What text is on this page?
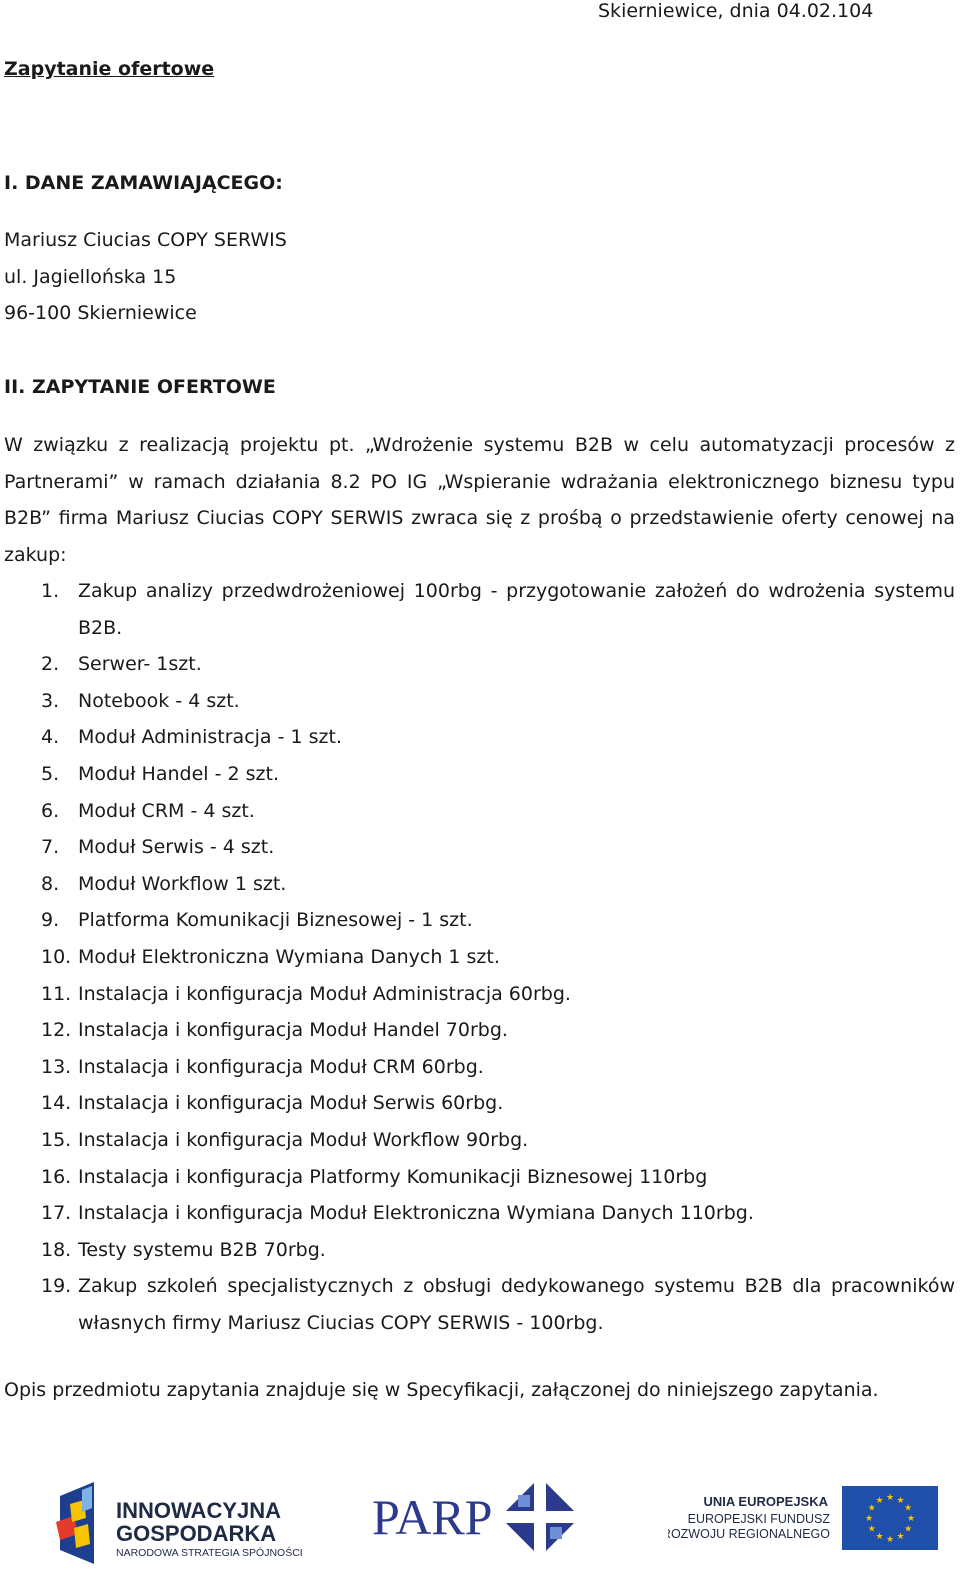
Skierniewice, dnia 04.02.104
Zapytanie ofertowe
I. DANE ZAMAWIAJĄCEGO:
Mariusz Ciucias COPY SERWIS
ul. Jagiellońska 15
96-100 Skierniewice
II. ZAPYTANIE OFERTOWE
W związku z realizacją projektu pt. „Wdrożenie systemu B2B w celu automatyzacji procesów z Partnerami” w ramach działania 8.2 PO IG „Wspieranie wdrażania elektronicznego biznesu typu B2B” firma Mariusz Ciucias COPY SERWIS zwraca się z prośbą o przedstawienie oferty cenowej na zakup:
1. Zakup analizy przedwdrożeniowej 100rbg - przygotowanie założeń do wdrożenia systemu B2B.
2. Serwer- 1szt.
3. Notebook - 4 szt.
4. Moduł Administracja - 1 szt.
5. Moduł Handel - 2 szt.
6. Moduł CRM - 4 szt.
7. Moduł Serwis - 4 szt.
8. Moduł Workflow 1 szt.
9. Platforma Komunikacji Biznesowej - 1 szt.
10. Moduł Elektroniczna Wymiana Danych 1 szt.
11. Instalacja i konfiguracja Moduł Administracja 60rbg.
12. Instalacja i konfiguracja Moduł Handel 70rbg.
13. Instalacja i konfiguracja Moduł CRM 60rbg.
14. Instalacja i konfiguracja Moduł Serwis 60rbg.
15. Instalacja i konfiguracja Moduł Workflow 90rbg.
16. Instalacja i konfiguracja Platformy Komunikacji Biznesowej 110rbg
17. Instalacja i konfiguracja Moduł Elektroniczna Wymiana Danych 110rbg.
18. Testy systemu B2B 70rbg.
19. Zakup szkoleń specjalistycznych z obsługi dedykowanego systemu B2B dla pracowników własnych firmy Mariusz Ciucias COPY SERWIS - 100rbg.
Opis przedmiotu zapytania znajduje się w Specyfikacji, załączonej do niniejszego zapytania.
INNOWACYJNA
GOSPODARKA
NARODOWA STRATEGIA SPÓJNOŚCI
PARP	UNIA EUROPEJSKA
EUROPEJSKI FUNDUSZ
ROZWOJU REGIONALNEGO
★
★
★
★
★
★
★
★
★ ★ ★
★
